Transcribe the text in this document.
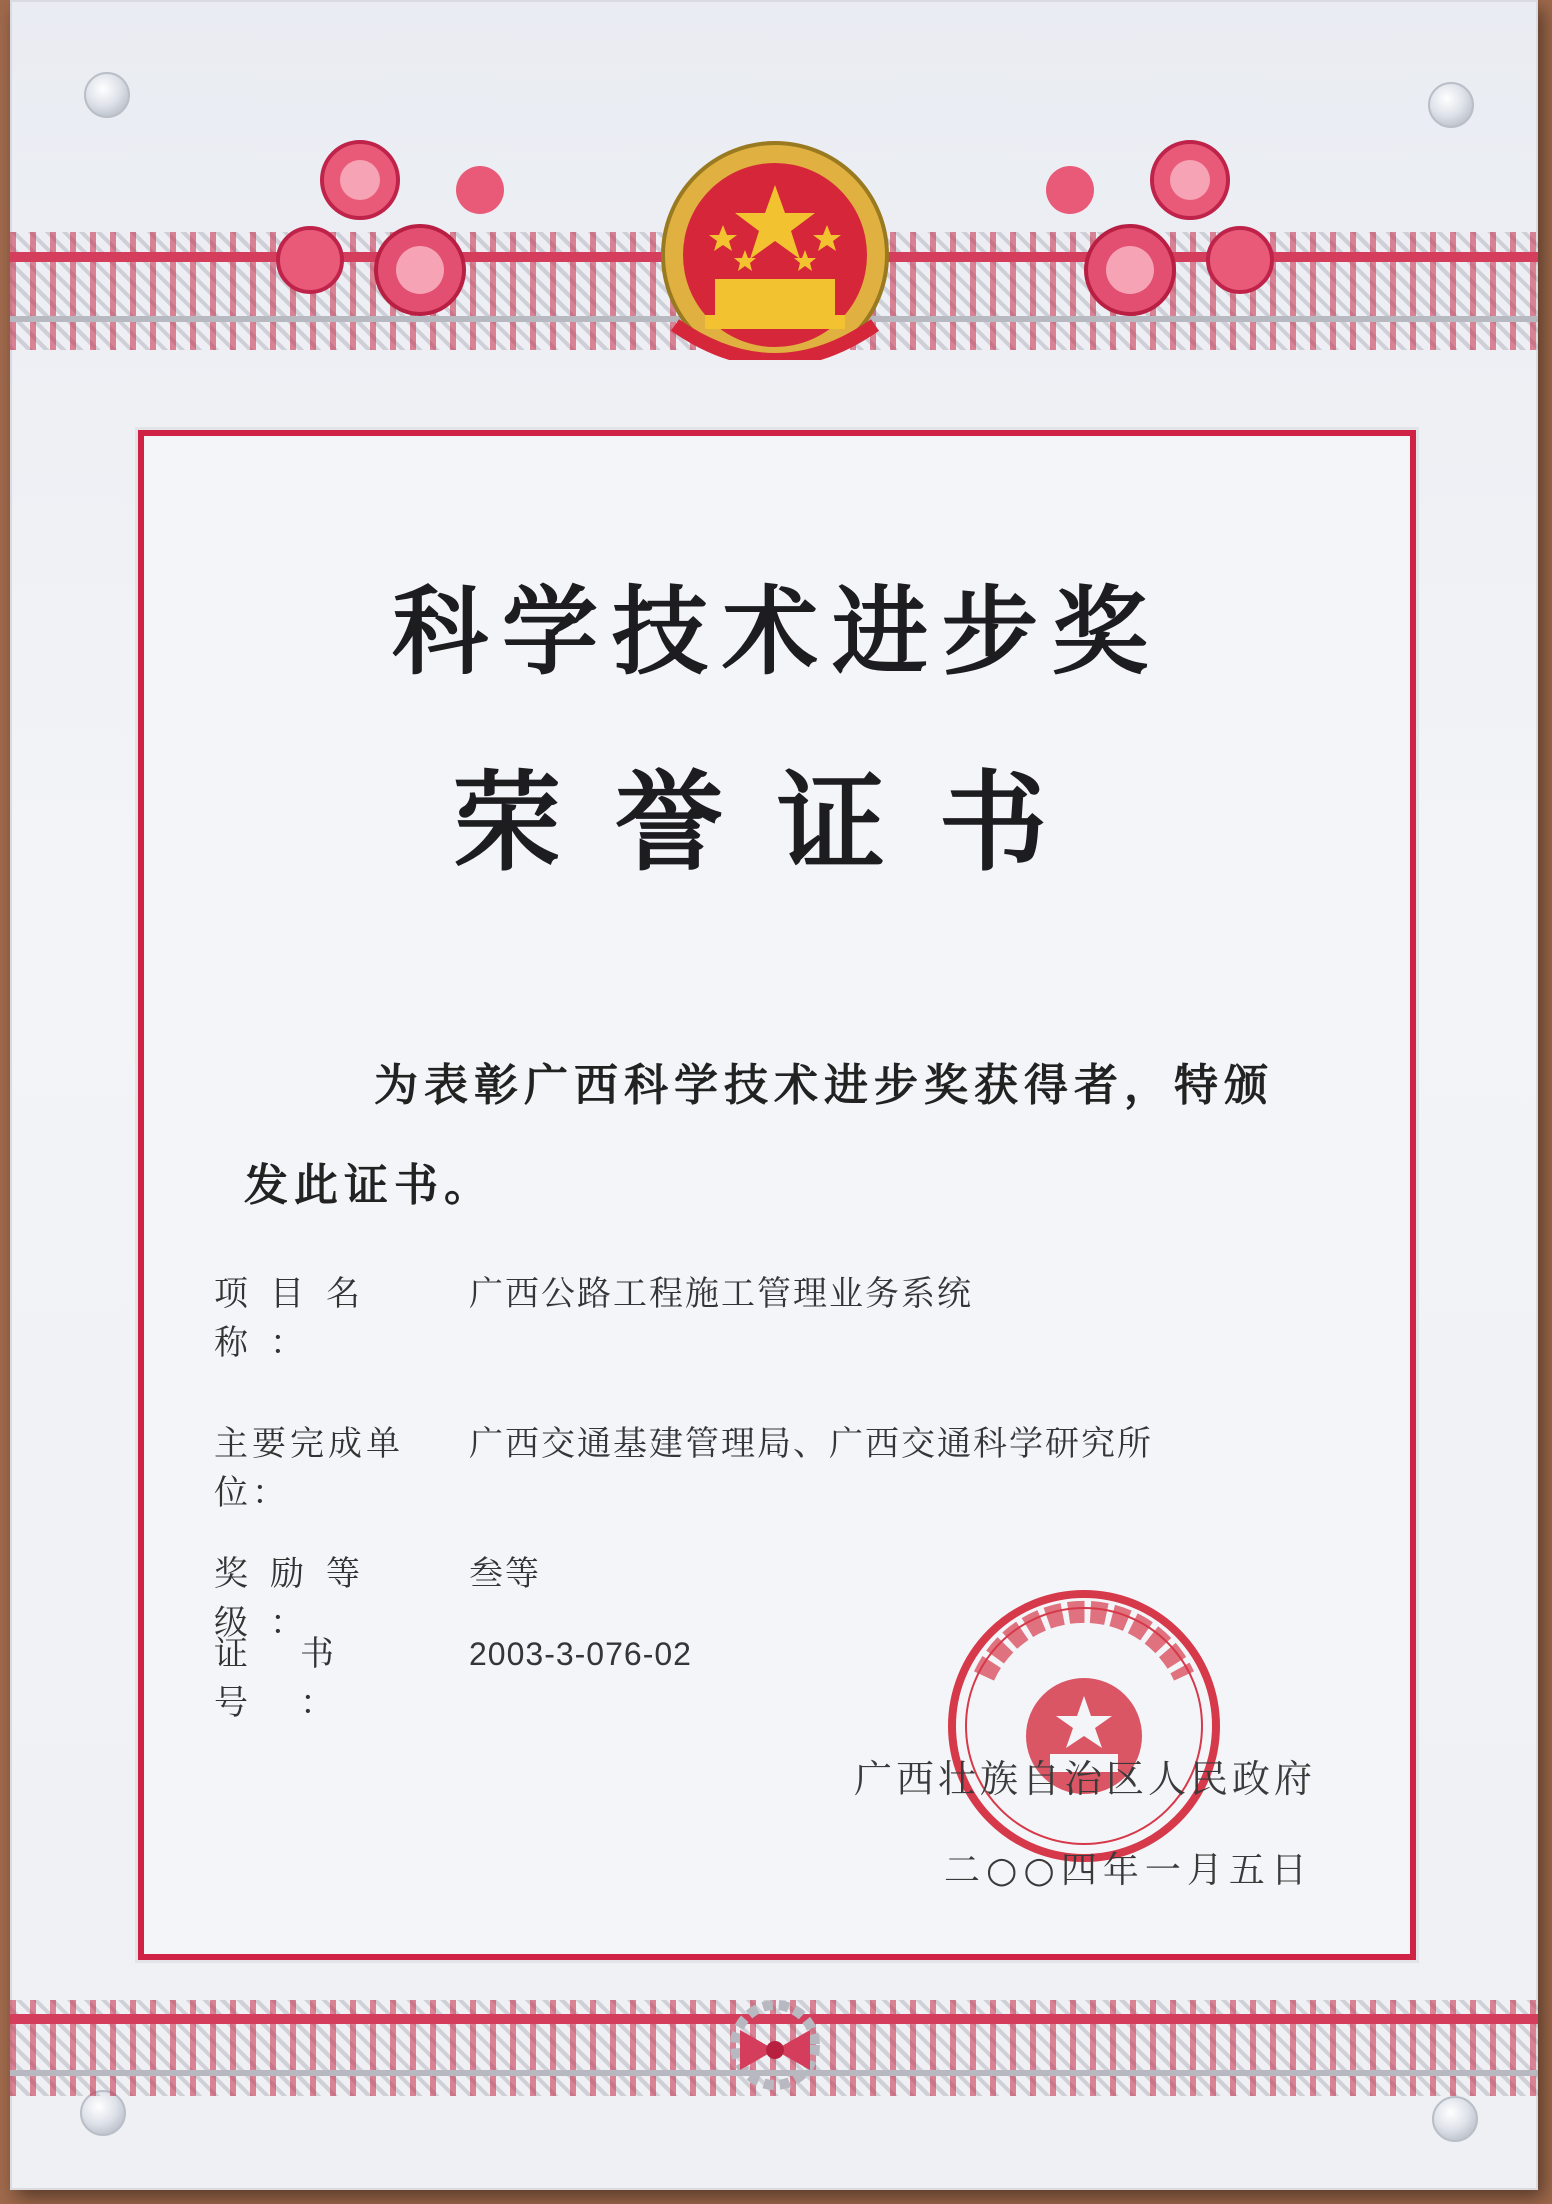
科学技术进步奖
荣誉证书
为表彰广西科学技术进步奖获得者，特颁
发此证书。
项目名称：
广西公路工程施工管理业务系统
主要完成单位：
广西交通基建管理局、广西交通科学研究所
奖励等级：
叁等
证书号：
2003-3-076-02
广西壮族自治区人民政府
二○○四年一月五日
